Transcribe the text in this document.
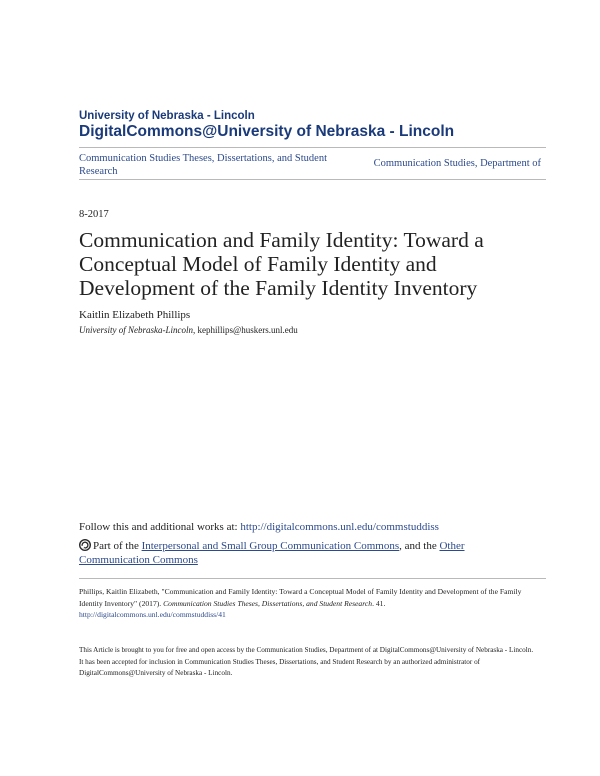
University of Nebraska - Lincoln

DigitalCommons@University of Nebraska - Lincoln

Communication Studies Theses, Dissertations, and Student Research
Communication Studies, Department of
8-2017
Communication and Family Identity: Toward a Conceptual Model of Family Identity and Development of the Family Identity Inventory
Kaitlin Elizabeth Phillips
University of Nebraska-Lincoln, kephillips@huskers.unl.edu
Follow this and additional works at: http://digitalcommons.unl.edu/commstuddiss
Part of the Interpersonal and Small Group Communication Commons, and the Other Communication Commons
Phillips, Kaitlin Elizabeth, "Communication and Family Identity: Toward a Conceptual Model of Family Identity and Development of the Family Identity Inventory" (2017). Communication Studies Theses, Dissertations, and Student Research. 41.
http://digitalcommons.unl.edu/commstuddiss/41
This Article is brought to you for free and open access by the Communication Studies, Department of at DigitalCommons@University of Nebraska - Lincoln. It has been accepted for inclusion in Communication Studies Theses, Dissertations, and Student Research by an authorized administrator of DigitalCommons@University of Nebraska - Lincoln.
